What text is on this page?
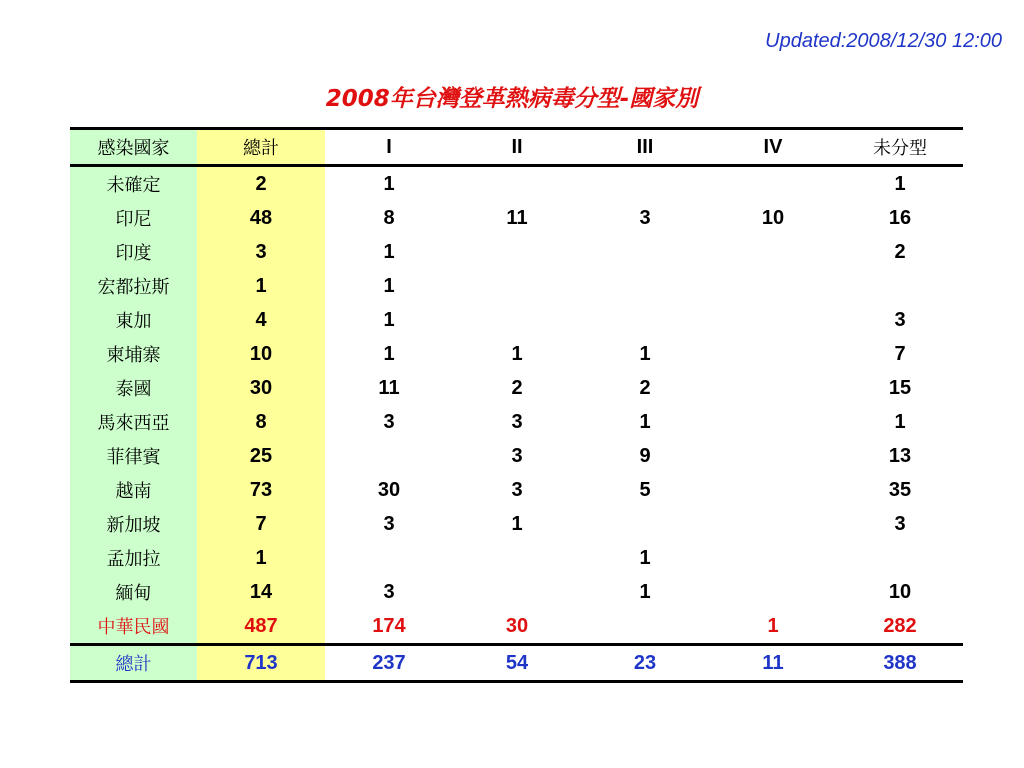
Updated:2008/12/30 12:00
2008年台灣登革熱病毒分型-國家別
感染國家	總計	I	II	III	IV	未分型
未確定	2	1				1
印尼	48	8	11	3	10	16
印度	3	1				2
宏都拉斯	1	1				
東加	4	1				3
柬埔寨	10	1	1	1		7
泰國	30	11	2	2		15
馬來西亞	8	3	3	1		1
菲律賓	25		3	9		13
越南	73	30	3	5		35
新加坡	7	3	1			3
孟加拉	1			1		
緬甸	14	3		1		10
中華民國	487	174	30		1	282
總計	713	237	54	23	11	388
